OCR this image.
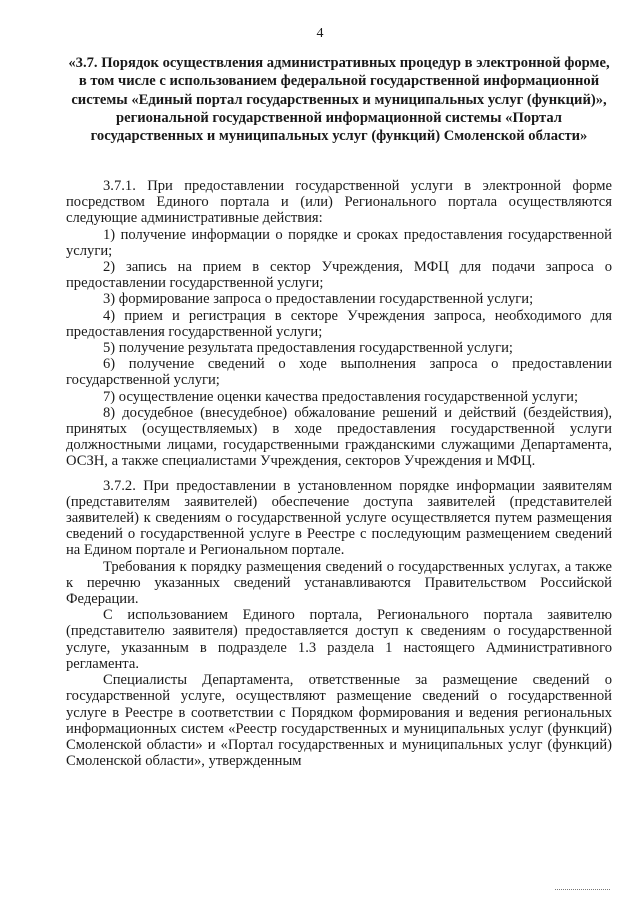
4
«3.7. Порядок осуществления административных процедур в электронной форме, в том числе с использованием федеральной государственной информационной системы «Единый портал государственных и муниципальных услуг (функций)», региональной государственной информационной системы «Портал государственных и муниципальных услуг (функций) Смоленской области»

3.7.1. При предоставлении государственной услуги в электронной форме посредством Единого портала и (или) Регионального портала осуществляются следующие административные действия:

1) получение информации о порядке и сроках предоставления государственной услуги;

2) запись на прием в сектор Учреждения, МФЦ для подачи запроса о предоставлении государственной услуги;

3) формирование запроса о предоставлении государственной услуги;

4) прием и регистрация в секторе Учреждения запроса, необходимого для предоставления государственной услуги;

5) получение результата предоставления государственной услуги;

6) получение сведений о ходе выполнения запроса о предоставлении государственной услуги;

7) осуществление оценки качества предоставления государственной услуги;

8) досудебное (внесудебное) обжалование решений и действий (бездействия), принятых (осуществляемых) в ходе предоставления государственной услуги должностными лицами, государственными гражданскими служащими Департамента, ОСЗН, а также специалистами Учреждения, секторов Учреждения и МФЦ.

3.7.2. При предоставлении в установленном порядке информации заявителям (представителям заявителей) обеспечение доступа заявителей (представителей заявителей) к сведениям о государственной услуге осуществляется путем размещения сведений о государственной услуге в Реестре с последующим размещением сведений на Едином портале и Региональном портале.

Требования к порядку размещения сведений о государственных услугах, а также к перечню указанных сведений устанавливаются Правительством Российской Федерации.

С использованием Единого портала, Регионального портала заявителю (представителю заявителя) предоставляется доступ к сведениям о государственной услуге, указанным в подразделе 1.3 раздела 1 настоящего Административного регламента.

Специалисты Департамента, ответственные за размещение сведений о государственной услуге, осуществляют размещение сведений о государственной услуге в Реестре в соответствии с Порядком формирования и ведения региональных информационных систем «Реестр государственных и муниципальных услуг (функций) Смоленской области» и «Портал государственных и муниципальных услуг (функций) Смоленской области», утвержденным
